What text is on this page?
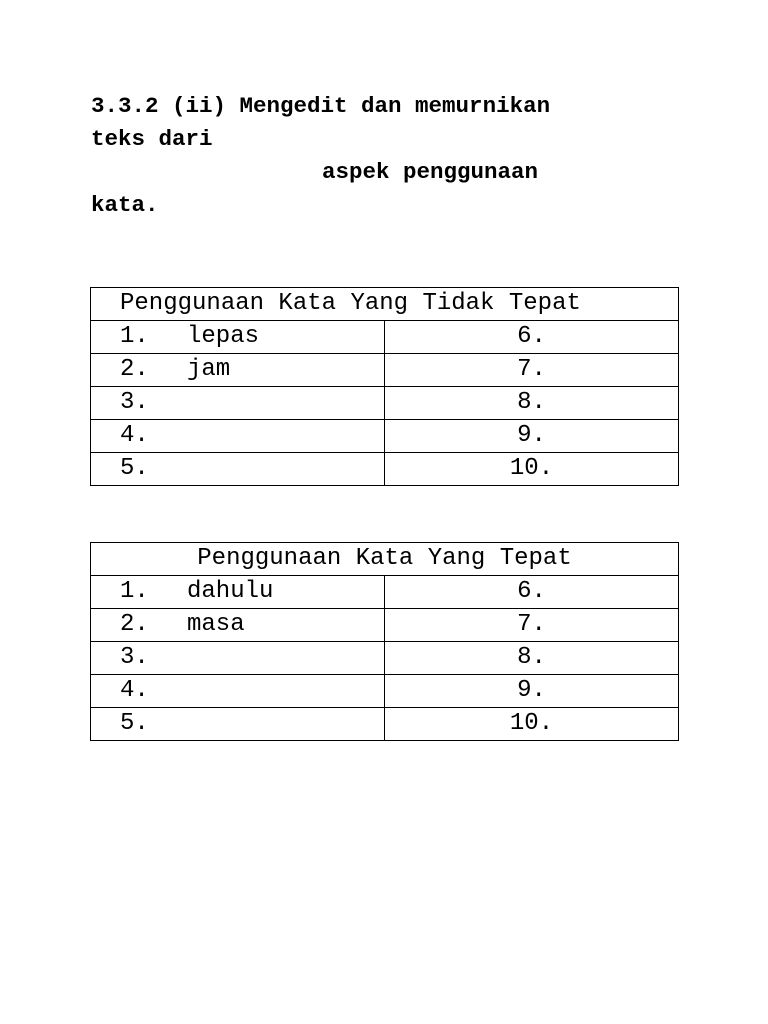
3.3.2 (ii) Mengedit dan memurnikan
teks dari
aspek penggunaan
kata.
Penggunaan Kata Yang Tidak Tepat	
1. lepas	6.
2. jam	7.
3.	8.
4.	9.
5.	10.
Penggunaan Kata Yang Tepat	
1. dahulu	6.
2. masa	7.
3.	8.
4.	9.
5.	10.
